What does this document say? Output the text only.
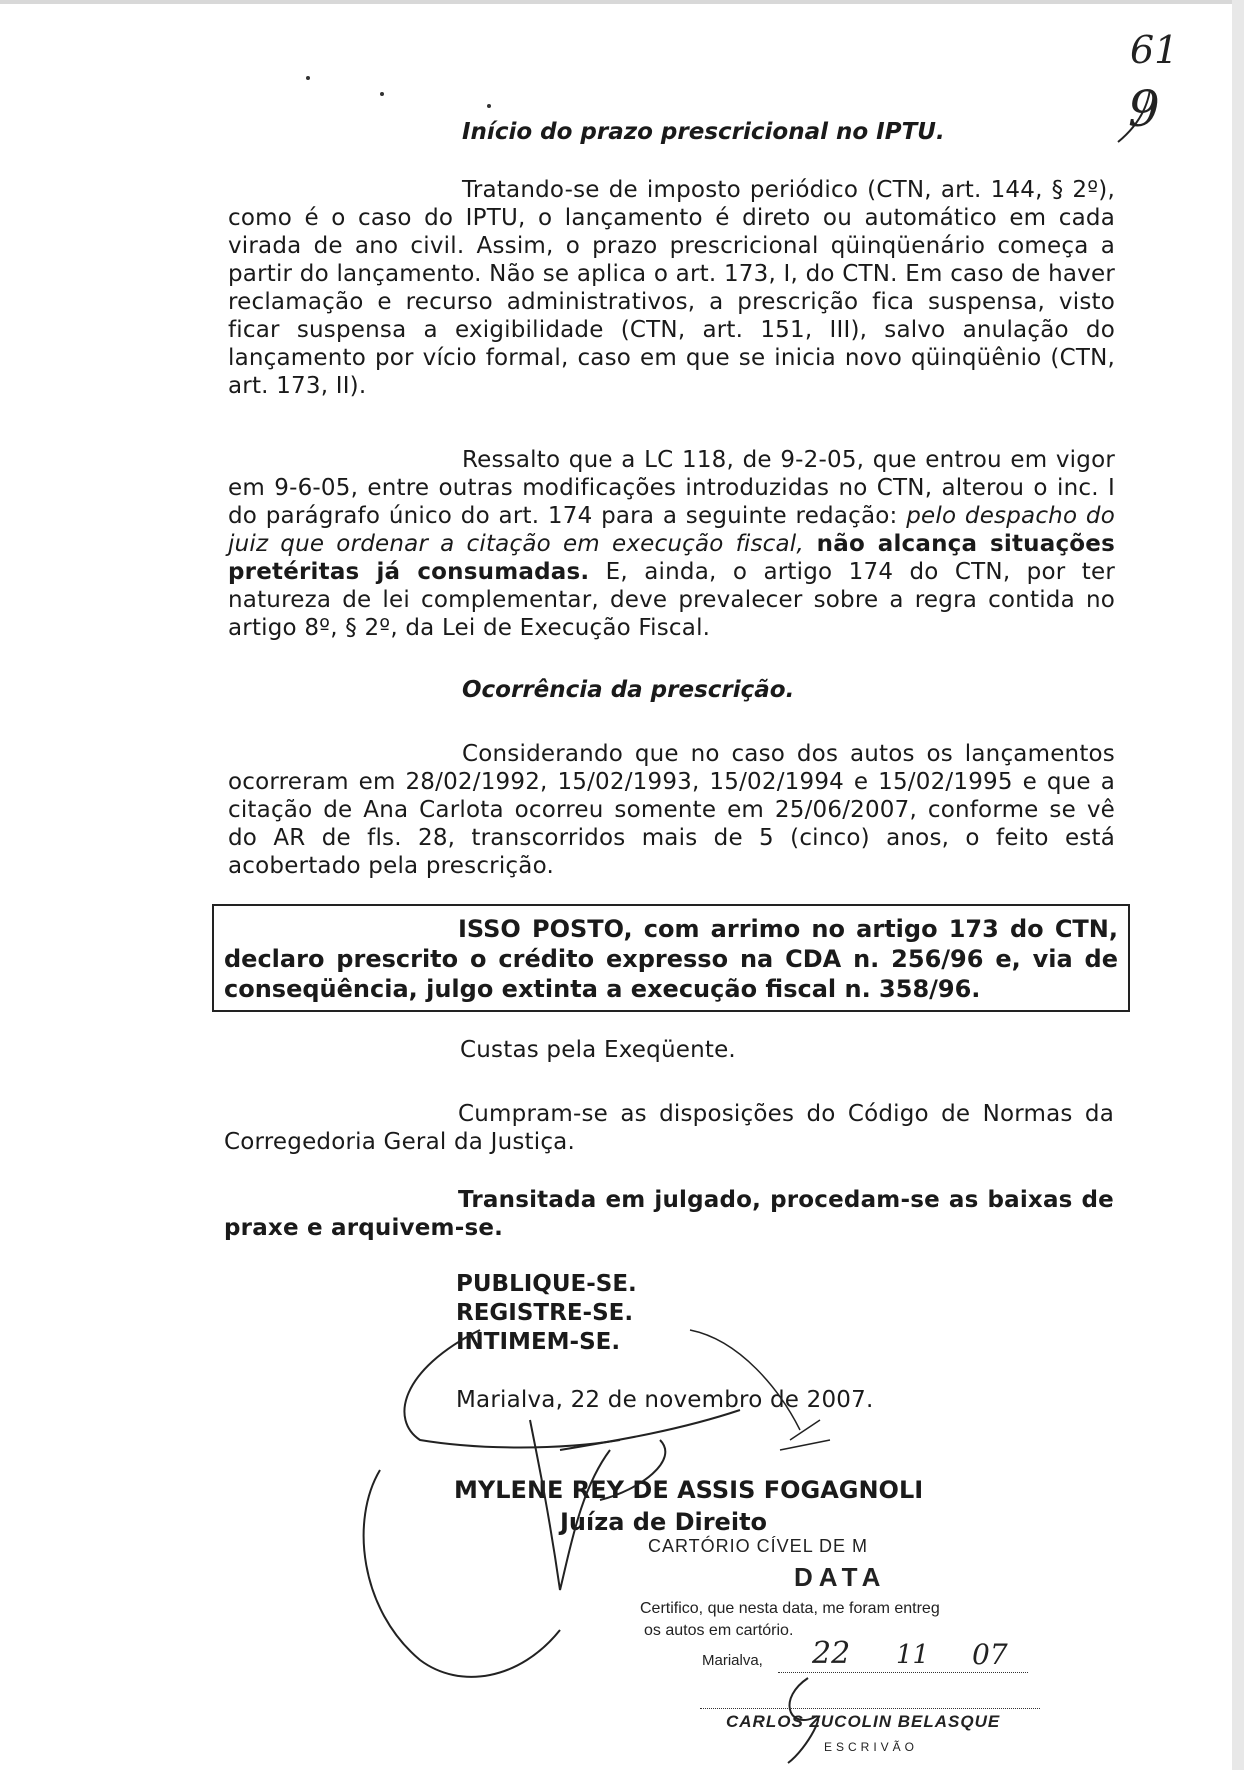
61
9
Início do prazo prescricional no IPTU.
Tratando-se de imposto periódico (CTN, art. 144, § 2º), como é o caso do IPTU, o lançamento é direto ou automático em cada virada de ano civil. Assim, o prazo prescricional qüinqüenário começa a partir do lançamento. Não se aplica o art. 173, I, do CTN. Em caso de haver reclamação e recurso administrativos, a prescrição fica suspensa, visto ficar suspensa a exigibilidade (CTN, art. 151, III), salvo anulação do lançamento por vício formal, caso em que se inicia novo qüinqüênio (CTN, art. 173, II).
Ressalto que a LC 118, de 9-2-05, que entrou em vigor em 9-6-05, entre outras modificações introduzidas no CTN, alterou o inc. I do parágrafo único do art. 174 para a seguinte redação: pelo despacho do juiz que ordenar a citação em execução fiscal, não alcança situações pretéritas já consumadas. E, ainda, o artigo 174 do CTN, por ter natureza de lei complementar, deve prevalecer sobre a regra contida no artigo 8º, § 2º, da Lei de Execução Fiscal.
Ocorrência da prescrição.
Considerando que no caso dos autos os lançamentos ocorreram em 28/02/1992, 15/02/1993, 15/02/1994 e 15/02/1995 e que a citação de Ana Carlota ocorreu somente em 25/06/2007, conforme se vê do AR de fls. 28, transcorridos mais de 5 (cinco) anos, o feito está acobertado pela prescrição.
ISSO POSTO, com arrimo no artigo 173 do CTN, declaro prescrito o crédito expresso na CDA n. 256/96 e, via de conseqüência, julgo extinta a execução fiscal n. 358/96.
Custas pela Exeqüente.
Cumpram-se as disposições do Código de Normas da Corregedoria Geral da Justiça.
Transitada em julgado, procedam-se as baixas de praxe e arquivem-se.
PUBLIQUE-SE.
REGISTRE-SE.
INTIMEM-SE.
Marialva, 22 de novembro de 2007.
MYLENE REY DE ASSIS FOGAGNOLI
Juíza de Direito
CARTÓRIO CÍVEL DE M
DATA
Certifico, que nesta data, me foram entreg
os autos em cartório.
Marialva, 22 11 07
CARLOS ZUCOLIN BELASQUE
ESCRIVÃO
